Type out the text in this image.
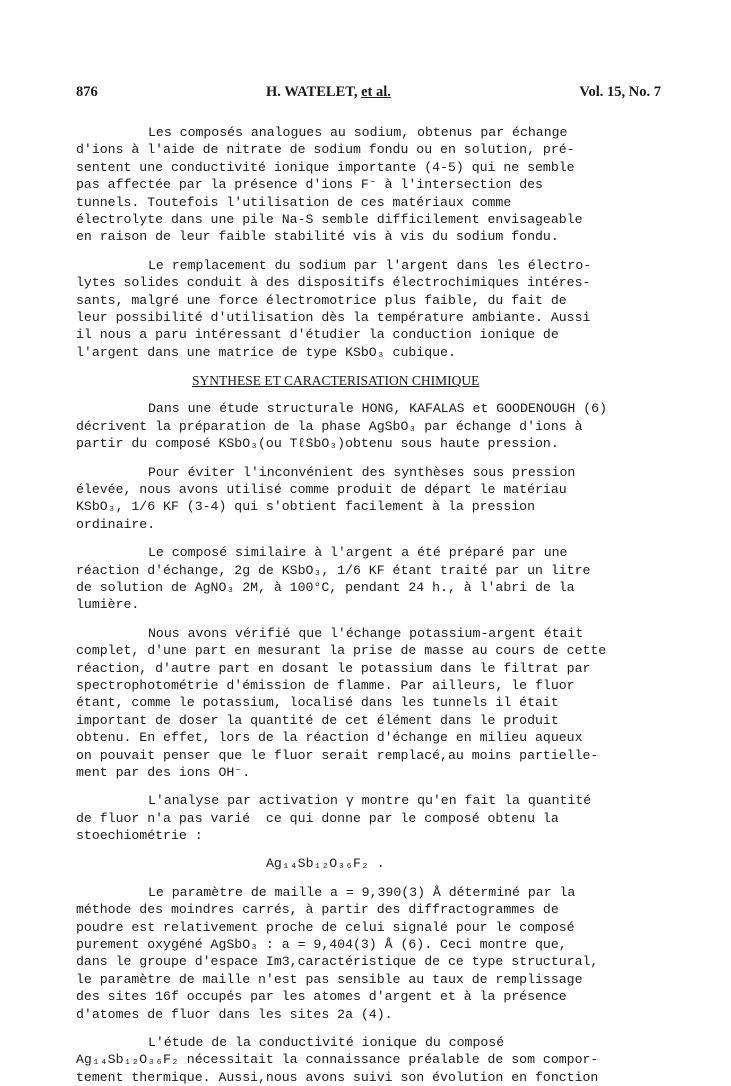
876	H. WATELET, et al.	Vol. 15, No. 7
Les composés analogues au sodium, obtenus par échange
d'ions à l'aide de nitrate de sodium fondu ou en solution, pré-
sentent une conductivité ionique importante (4-5) qui ne semble
pas affectée par la présence d'ions F⁻ à l'intersection des
tunnels. Toutefois l'utilisation de ces matériaux comme
électrolyte dans une pile Na-S semble difficilement envisageable
en raison de leur faible stabilité vis à vis du sodium fondu.
Le remplacement du sodium par l'argent dans les électro-
lytes solides conduit à des dispositifs électrochimiques intéres-
sants, malgré une force électromotrice plus faible, du fait de
leur possibilité d'utilisation dès la température ambiante. Aussi
il nous a paru intéressant d'étudier la conduction ionique de
l'argent dans une matrice de type KSbO₃ cubique.
SYNTHESE ET CARACTERISATION CHIMIQUE
Dans une étude structurale HONG, KAFALAS et GOODENOUGH (6)
décrivent la préparation de la phase AgSbO₃ par échange d'ions à
partir du composé KSbO₃(ou TℓSbO₃)obtenu sous haute pression.
Pour éviter l'inconvénient des synthèses sous pression
élevée, nous avons utilisé comme produit de départ le matériau
KSbO₃, 1/6 KF (3-4) qui s'obtient facilement à la pression
ordinaire.
Le composé similaire à l'argent a été préparé par une
réaction d'échange, 2g de KSbO₃, 1/6 KF étant traité par un litre
de solution de AgNO₃ 2M, à 100°C, pendant 24 h., à l'abri de la
lumière.
Nous avons vérifié que l'échange potassium-argent était
complet, d'une part en mesurant la prise de masse au cours de cette
réaction, d'autre part en dosant le potassium dans le filtrat par
spectrophotométrie d'émission de flamme. Par ailleurs, le fluor
étant, comme le potassium, localisé dans les tunnels il était
important de doser la quantité de cet élément dans le produit
obtenu. En effet, lors de la réaction d'échange en milieu aqueux
on pouvait penser que le fluor serait remplacé,au moins partielle-
ment par des ions OH⁻.
L'analyse par activation γ montre qu'en fait la quantité
de fluor n'a pas varié  ce qui donne par le composé obtenu la
stoechiométrie :
Ag₁₄Sb₁₂O₃₆F₂ .
Le paramètre de maille a = 9,390(3) Å déterminé par la
méthode des moindres carrés, à partir des diffractogrammes de
poudre est relativement proche de celui signalé pour le composé
purement oxygéné AgSbO₃ : a = 9,404(3) Å (6). Ceci montre que,
dans le groupe d'espace Im3,caractéristique de ce type structural,
le paramètre de maille n'est pas sensible au taux de remplissage
des sites 16f occupés par les atomes d'argent et à la présence
d'atomes de fluor dans les sites 2a (4).
L'étude de la conductivité ionique du composé
Ag₁₄Sb₁₂O₃₆F₂ nécessitait la connaissance préalable de som compor-
tement thermique. Aussi,nous avons suivi son évolution en fonction
